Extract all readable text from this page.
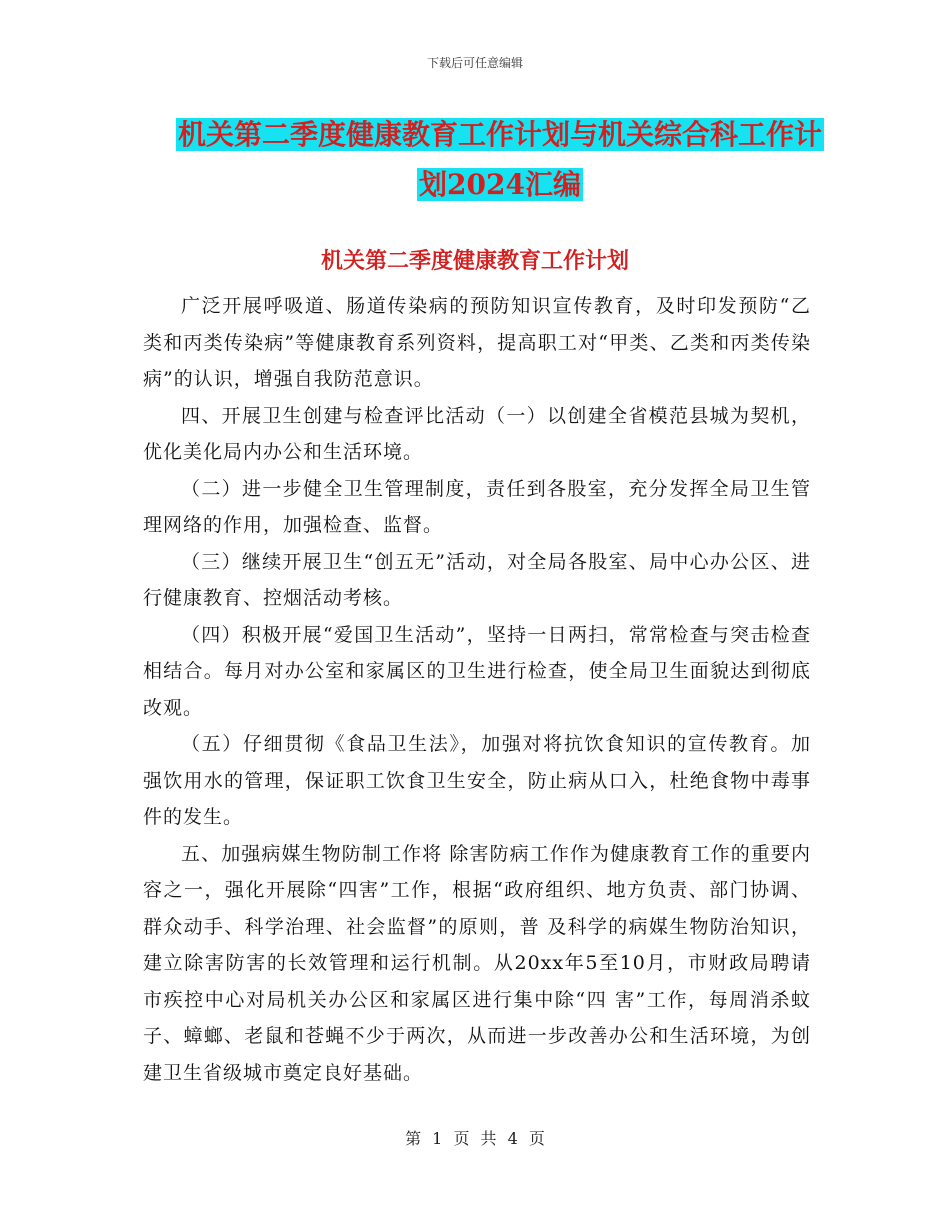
下载后可任意编辑
机关第二季度健康教育工作计划与机关综合科工作计
划2024汇编
机关第二季度健康教育工作计划

广泛开展呼吸道、肠道传染病的预防知识宣传教育，及时印发预防“乙类和丙类传染病”等健康教育系列资料，提高职工对“甲类、乙类和丙类传染病”的认识，增强自我防范意识。

四、开展卫生创建与检查评比活动（一）以创建全省模范县城为契机，优化美化局内办公和生活环境。

（二）进一步健全卫生管理制度，责任到各股室，充分发挥全局卫生管理网络的作用，加强检查、监督。

（三）继续开展卫生“创五无”活动，对全局各股室、局中心办公区、进行健康教育、控烟活动考核。

（四）积极开展“爱国卫生活动”，坚持一日两扫，常常检查与突击检查相结合。每月对办公室和家属区的卫生进行检查，使全局卫生面貌达到彻底改观。

（五）仔细贯彻《食品卫生法》，加强对将抗饮食知识的宣传教育。加强饮用水的管理，保证职工饮食卫生安全，防止病从口入，杜绝食物中毒事件的发生。

五、加强病媒生物防制工作将 除害防病工作作为健康教育工作的重要内容之一，强化开展除“四害”工作，根据“政府组织、地方负责、部门协调、群众动手、科学治理、社会监督”的原则，普 及科学的病媒生物防治知识，建立除害防害的长效管理和运行机制。从20xx年5至10月，市财政局聘请市疾控中心对局机关办公区和家属区进行集中除“四 害”工作，每周消杀蚊子、蟑螂、老鼠和苍蝇不少于两次，从而进一步改善办公和生活环境，为创建卫生省级城市奠定良好基础。

第 1 页 共 4 页
